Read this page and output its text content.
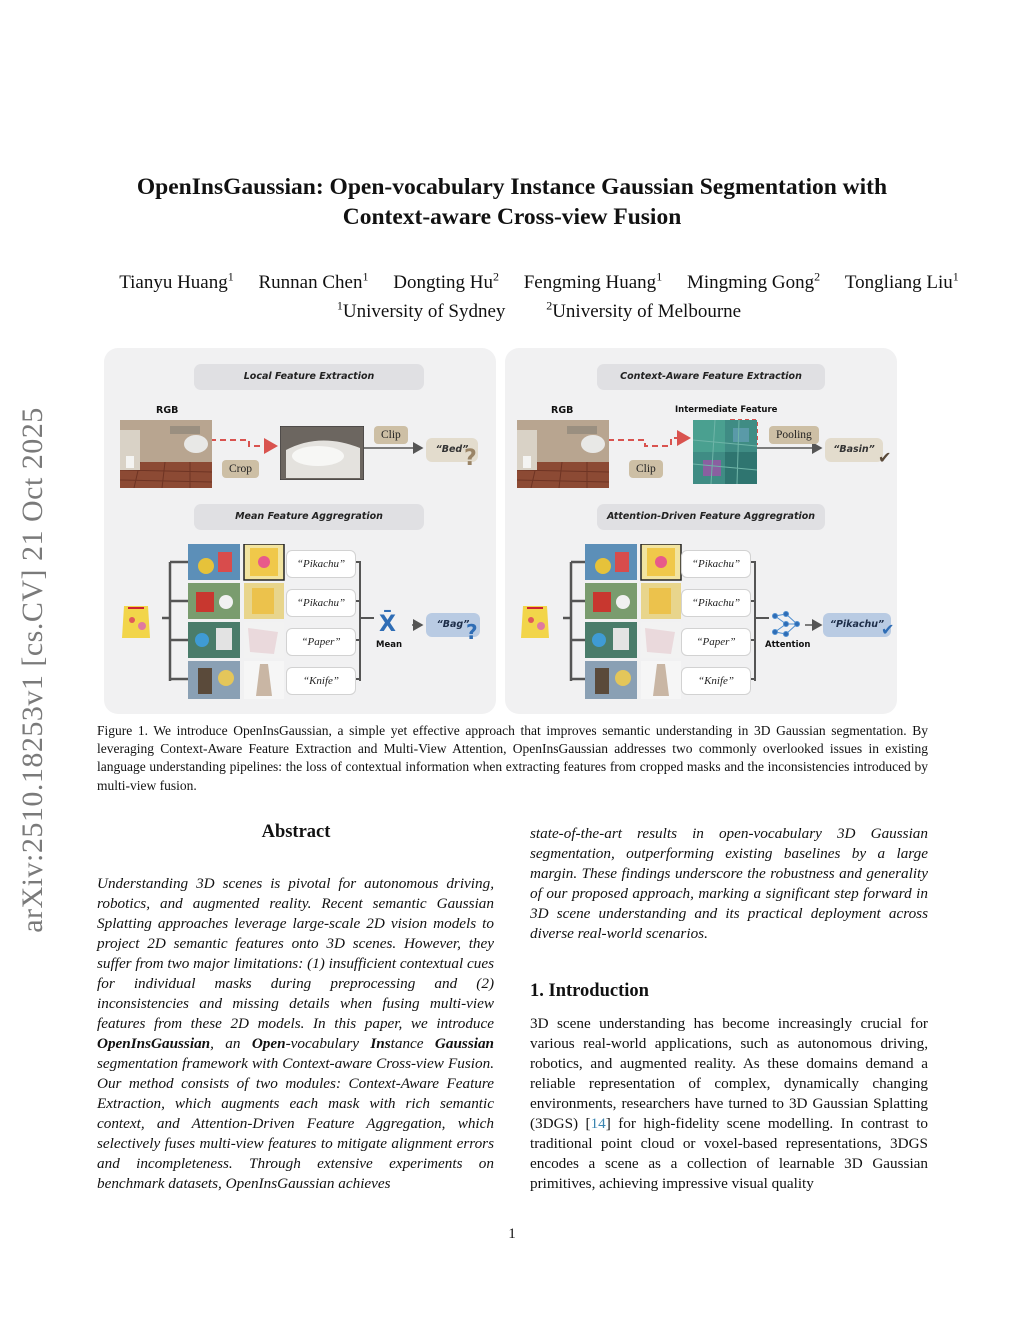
arXiv:2510.18253v1 [cs.CV] 21 Oct 2025
OpenInsGaussian: Open-vocabulary Instance Gaussian Segmentation with
Context-aware Cross-view Fusion
Tianyu Huang$^1$ Runnan Chen$^1$ Dongting Hu$^2$ Fengming Huang$^1$ Mingming Gong$^2$ Tongliang Liu$^1$
$^1$University of Sydney	$^2$University of Melbourne
Local Feature Extraction
RGB
Clip
Crop
“Bed”
?
Mean Feature Aggregration
“Pikachu”
“Pikachu”
“Paper”
“Knife”
X̄
Mean
“Bag”
?
Context-Aware Feature Extraction
RGB	Intermediate Feature
Pooling
Clip
“Basin” ✔
Attention-Driven Feature Aggregration
“Pikachu”
“Pikachu”
“Paper”
“Knife”
Attention
“Pikachu”
✔

Figure 1. We introduce OpenInsGaussian, a simple yet effective approach that improves semantic understanding in 3D Gaussian segmentation. By leveraging Context-Aware Feature Extraction and Multi-View Attention, OpenInsGaussian addresses two commonly overlooked issues in existing language understanding pipelines: the loss of contextual information when extracting features from cropped masks and the inconsistencies introduced by multi-view fusion.

Abstract

Understanding 3D scenes is pivotal for autonomous driving, robotics, and augmented reality. Recent semantic Gaussian Splatting approaches leverage large-scale 2D vision models to project 2D semantic features onto 3D scenes. However, they suffer from two major limitations: (1) insufficient contextual cues for individual masks during preprocessing and (2) inconsistencies and missing details when fusing multi-view features from these 2D models. In this paper, we introduce OpenInsGaussian, an Open-vocabulary Instance Gaussian segmentation framework with Context-aware Cross-view Fusion. Our method consists of two modules: Context-Aware Feature Extraction, which augments each mask with rich semantic context, and Attention-Driven Feature Aggregation, which selectively fuses multi-view features to mitigate alignment errors and incompleteness. Through extensive experiments on benchmark datasets, OpenInsGaussian achieves

state-of-the-art results in open-vocabulary 3D Gaussian segmentation, outperforming existing baselines by a large margin. These findings underscore the robustness and generality of our proposed approach, marking a significant step forward in 3D scene understanding and its practical deployment across diverse real-world scenarios.

1. Introduction

3D scene understanding has become increasingly crucial for various real-world applications, such as autonomous driving, robotics, and augmented reality. As these domains demand a reliable representation of complex, dynamically changing environments, researchers have turned to 3D Gaussian Splatting (3DGS) [14] for high-fidelity scene modelling. In contrast to traditional point cloud or voxel-based representations, 3DGS encodes a scene as a collection of learnable 3D Gaussian primitives, achieving impressive visual quality

1
